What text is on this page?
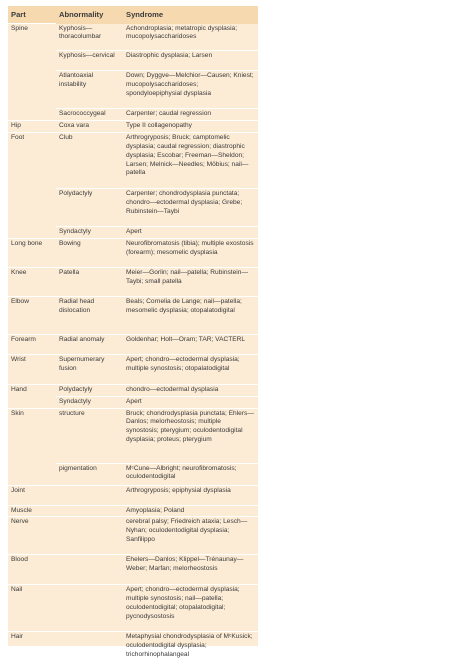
Part	Abnormality	Syndrome
Spine	Kyphosis—thoracolumbar	Achondroplasia; metatropic dysplasia; mucopolysaccharidoses
	Kyphosis—cervical	Diastrophic dysplasia; Larsen
	Atlantoaxial instability	Down; Dyggve—Melchior—Causen; Kniest; mucopolysaccharidoses; spondyloepiphysial dysplasia
	Sacrococcygeal	Carpenter; caudal regression
Hip	Coxa vara	Type II collagenopathy
Foot	Club	Arthrogryposis; Bruck; camptomelic dysplasia; caudal regression; diastrophic dysplasia; Escobar; Freeman—Sheldon; Larsen; Melnick—Needles; Möbius; nail—patella
	Polydactyly	Carpenter; chondrodysplasia punctata; chondro—ectodermal dysplasia; Grebe; Rubinstein—Taybi
	Syndactyly	Apert
Long bone	Bowing	Neurofibromatosis (tibia); multiple exostosis (forearm); mesomelic dysplasia
Knee	Patella	Meier—Gorlin; nail—patella; Rubinstein—Taybi; small patella
Elbow	Radial head dislocation	Beals; Cornelia de Lange; nail—patella; mesomelic dysplasia; otopalatodigital
Forearm	Radial anomaly	Goldenhar; Holt—Oram; TAR; VACTERL
Wrist	Supernumerary fusion	Apert; chondro—ectodermal dysplasia; multiple synostosis; otopalatodigital
Hand	Polydactyly	chondro—ectodermal dysplasia
	Syndactyly	Apert
Skin	structure	Bruck; chondrodysplasia punctata; Ehlers—Danlos; melorheostosis; multiple synostosis; pterygium; oculodentodigital dysplasia; proteus; pterygium
	pigmentation	MᶜCune—Albright; neurofibromatosis; oculodentodigital
Joint		Arthrogryposis; epiphysial dysplasia
Muscle		Amyoplasia; Poland
Nerve		cerebral palsy; Friedreich ataxia; Lesch—Nyhan; oculodentodigital dysplasia; Sanfilippo
Blood		Ehelers—Danlos; Klippel—Trénaunay—Weber; Marfan; melorheostosis
Nail		Apert; chondro—ectodermal dysplasia; multiple synostosis; nail—patella; oculodentodigital; otopalatodigital; pycnodysostosis
Hair		Metaphysial chondrodysplasia of MᶜKusick; oculodentodigital dysplasia; trichorhinophalangeal
